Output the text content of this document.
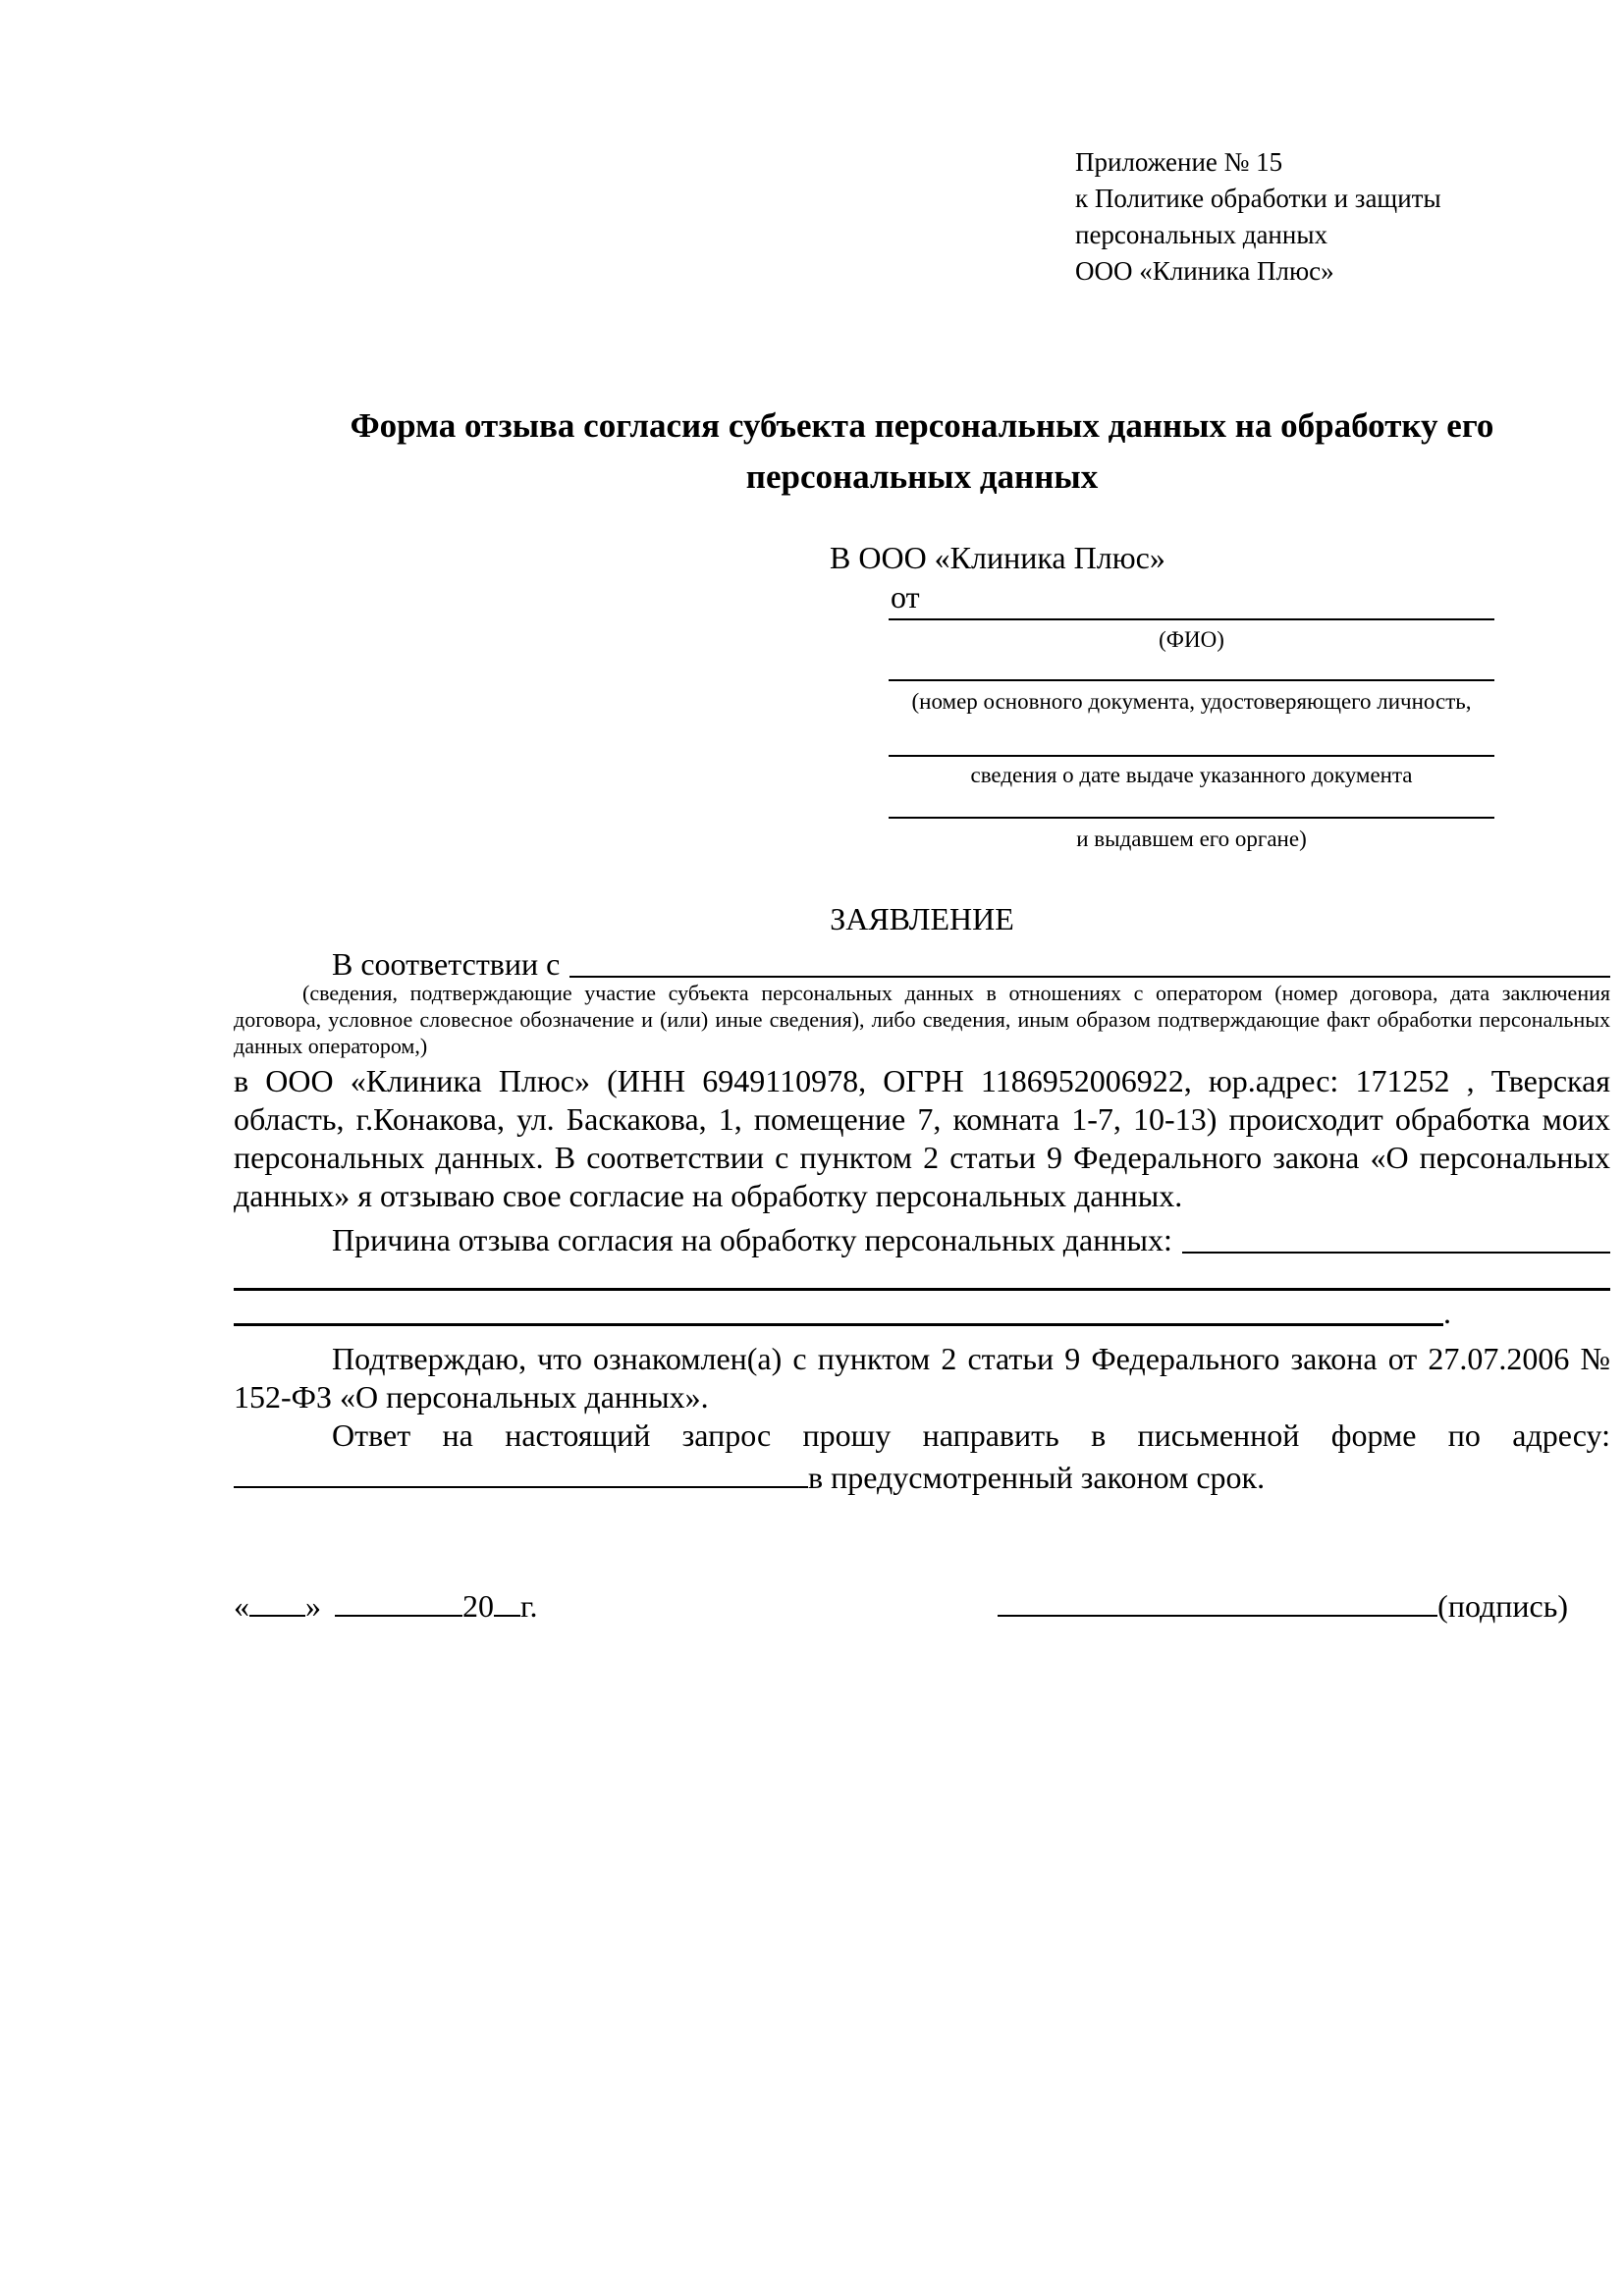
Приложение № 15
к Политике обработки и защиты
персональных данных
ООО «Клиника Плюс»
Форма отзыва согласия субъекта персональных данных на обработку его персональных данных
В ООО «Клиника Плюс»
от
(ФИО)
(номер основного документа, удостоверяющего личность,
сведения о дате выдаче указанного документа
и выдавшем его органе)
ЗАЯВЛЕНИЕ
В соответствии с
(сведения, подтверждающие участие субъекта персональных данных в отношениях с оператором (номер договора, дата заключения договора, условное словесное обозначение и (или) иные сведения), либо сведения, иным образом подтверждающие факт обработки персональных данных оператором,)
в ООО «Клиника Плюс» (ИНН 6949110978, ОГРН 1186952006922, юр.адрес: 171252 , Тверская область, г.Конакова, ул. Баскакова, 1, помещение 7, комната 1-7, 10-13) происходит обработка моих персональных данных. В соответствии с пунктом 2 статьи 9 Федерального закона «О персональных данных» я отзываю свое согласие на обработку персональных данных.
Причина отзыва согласия на обработку персональных данных:
.
Подтверждаю, что ознакомлен(а) с пунктом 2 статьи 9 Федерального закона от 27.07.2006 № 152-ФЗ «О персональных данных».
Ответ на настоящий запрос прошу направить в письменной форме по адресу:
в предусмотренный законом срок.
« »	20 г.	(подпись)
